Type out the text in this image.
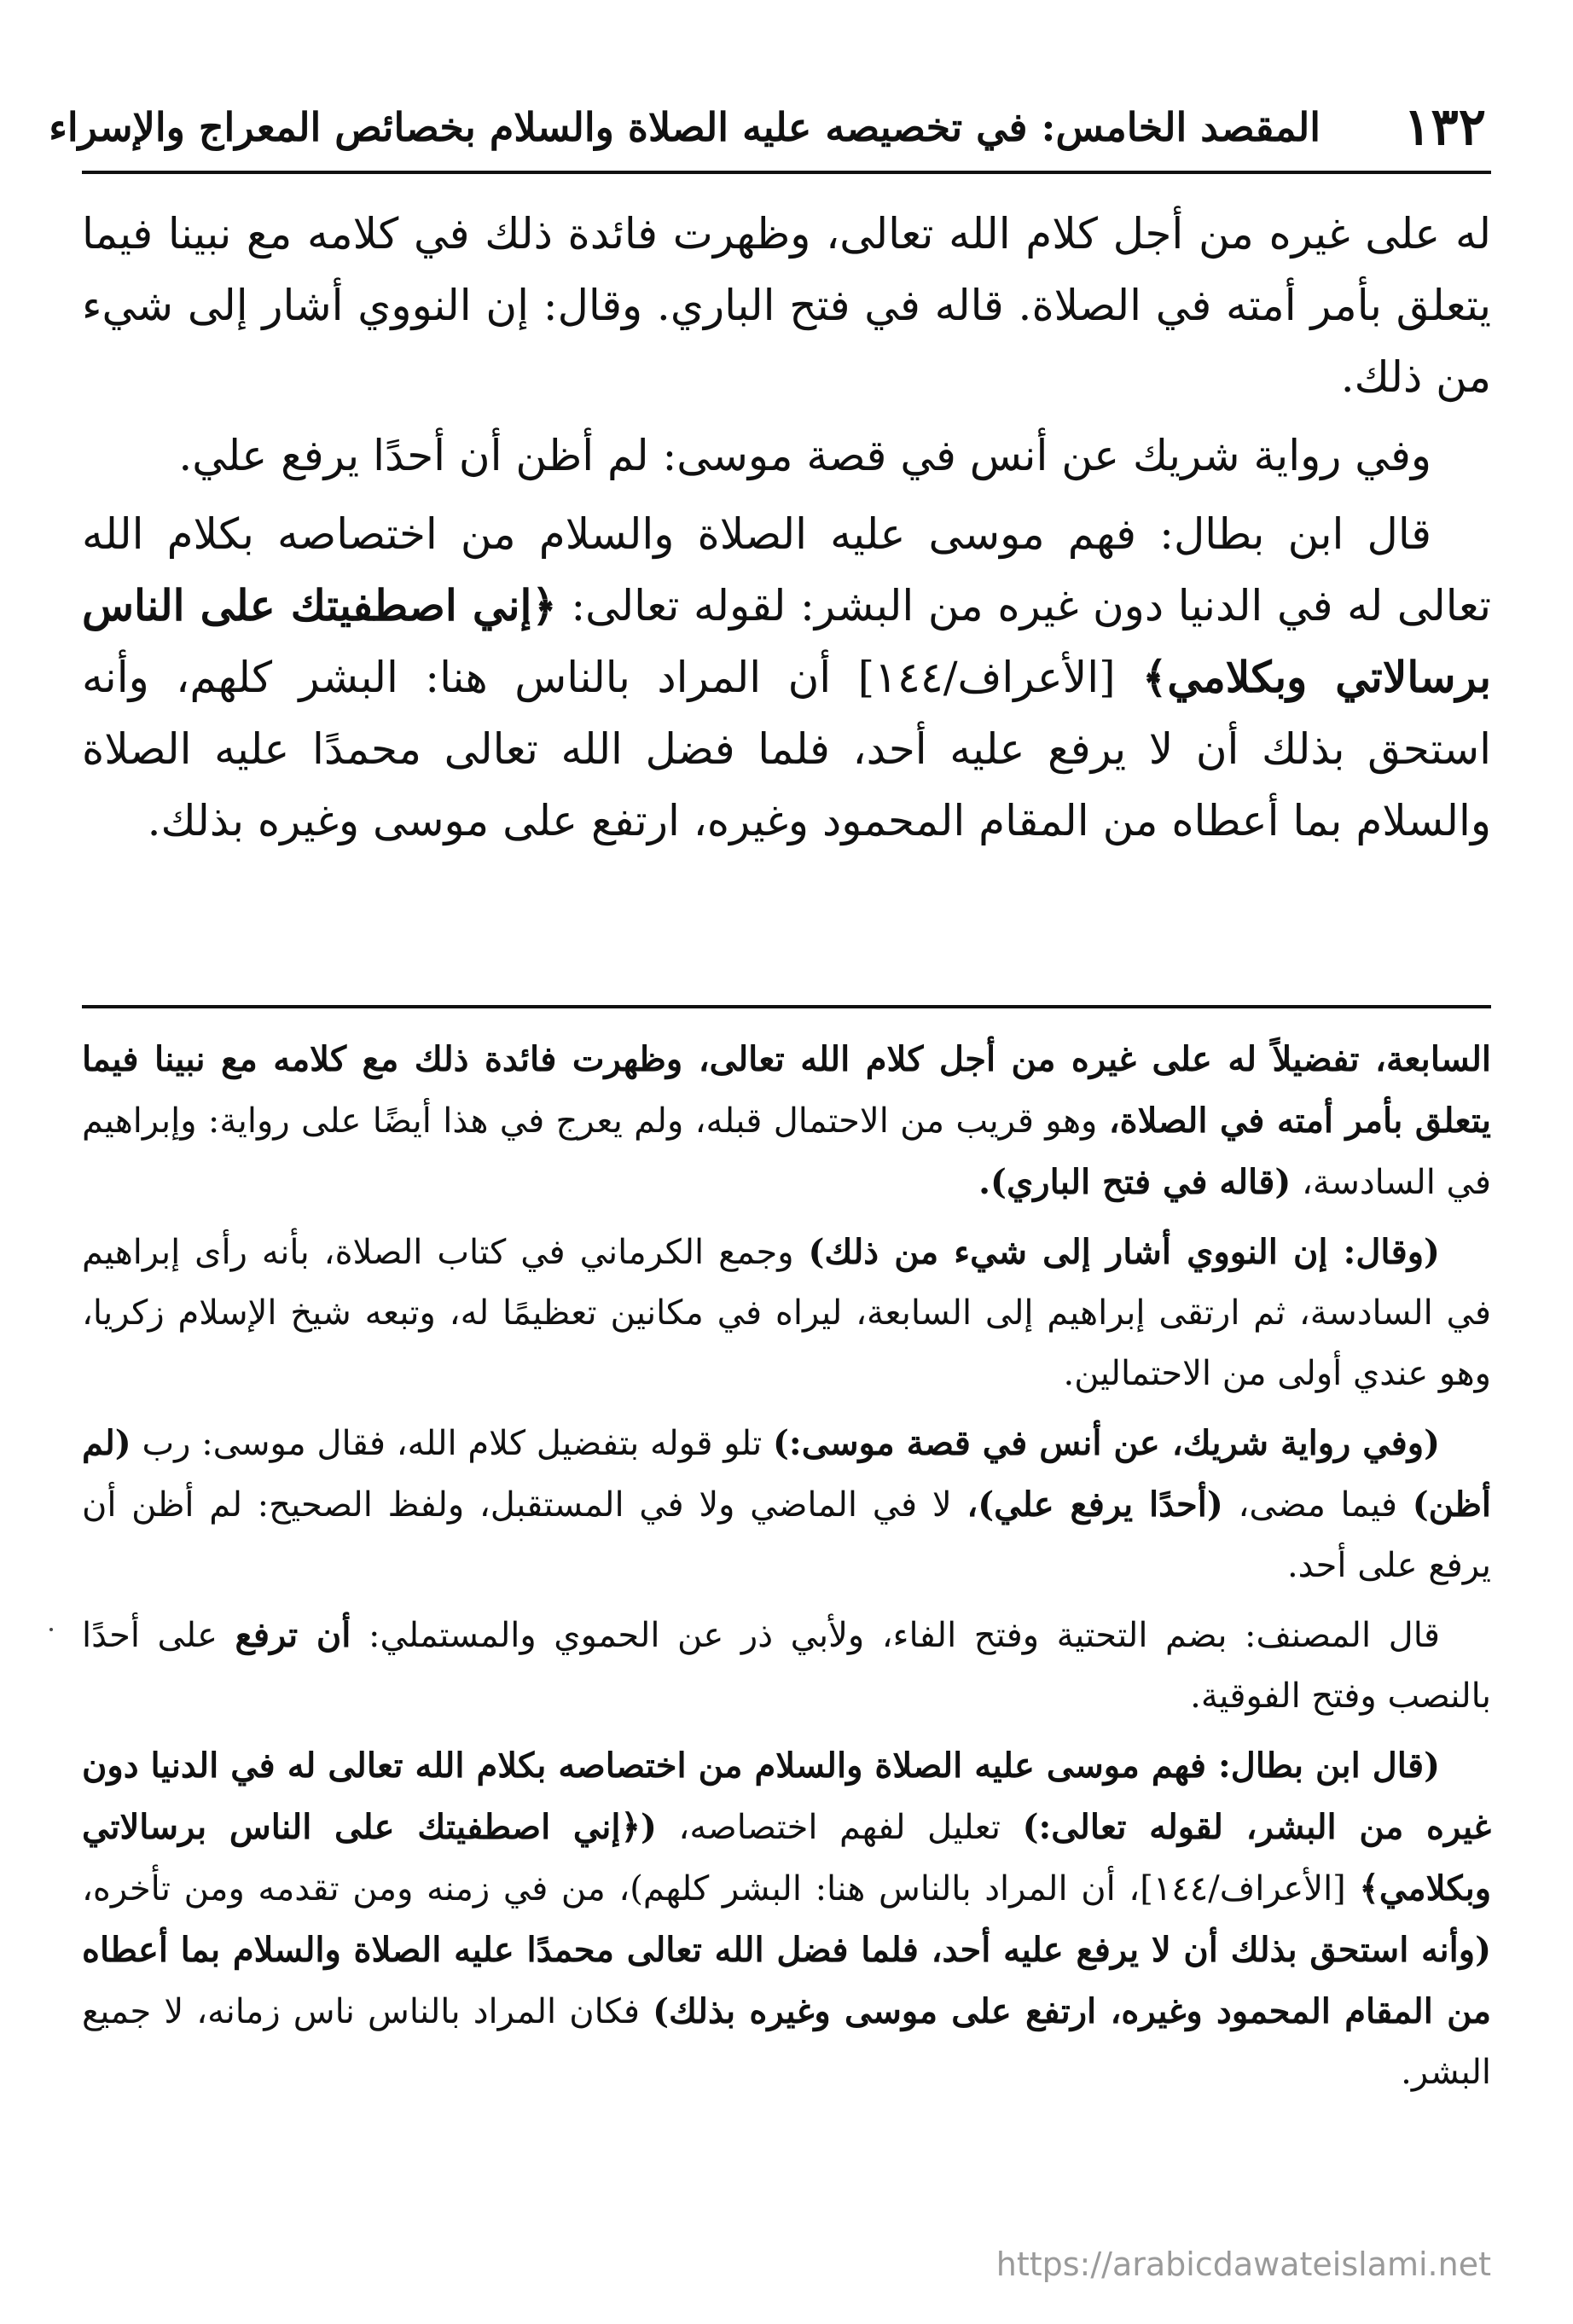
١٣٢
المقصد الخامس: في تخصيصه عليه الصلاة والسلام بخصائص المعراج والإسراء

له على غيره من أجل كلام الله تعالى، وظهرت فائدة ذلك في كلامه مع نبينا فيما يتعلق بأمر أمته في الصلاة. قاله في فتح الباري. وقال: إن النووي أشار إلى شيء من ذلك.

وفي رواية شريك عن أنس في قصة موسى: لم أظن أن أحدًا يرفع علي.

قال ابن بطال: فهم موسى عليه الصلاة والسلام من اختصاصه بكلام الله تعالى له في الدنيا دون غيره من البشر: لقوله تعالى: ﴿إني اصطفيتك على الناس برسالاتي وبكلامي﴾ [الأعراف/١٤٤] أن المراد بالناس هنا: البشر كلهم، وأنه استحق بذلك أن لا يرفع عليه أحد، فلما فضل الله تعالى محمدًا عليه الصلاة والسلام بما أعطاه من المقام المحمود وغيره، ارتفع على موسى وغيره بذلك.

السابعة، تفضيلاً له على غيره من أجل كلام الله تعالى، وظهرت فائدة ذلك مع كلامه مع نبينا فيما يتعلق بأمر أمته في الصلاة، وهو قريب من الاحتمال قبله، ولم يعرج في هذا أيضًا على رواية: وإبراهيم في السادسة، (قاله في فتح الباري).

(وقال: إن النووي أشار إلى شيء من ذلك) وجمع الكرماني في كتاب الصلاة، بأنه رأى إبراهيم في السادسة، ثم ارتقى إبراهيم إلى السابعة، ليراه في مكانين تعظيمًا له، وتبعه شيخ الإسلام زكريا، وهو عندي أولى من الاحتمالين.

(وفي رواية شريك، عن أنس في قصة موسى:) تلو قوله بتفضيل كلام الله، فقال موسى: رب (لم أظن) فيما مضى، (أحدًا يرفع علي)، لا في الماضي ولا في المستقبل، ولفظ الصحيح: لم أظن أن يرفع على أحد.

قال المصنف: بضم التحتية وفتح الفاء، ولأبي ذر عن الحموي والمستملي: أن ترفع على أحدًا بالنصب وفتح الفوقية.

(قال ابن بطال: فهم موسى عليه الصلاة والسلام من اختصاصه بكلام الله تعالى له في الدنيا دون غيره من البشر، لقوله تعالى:) تعليل لفهم اختصاصه، (﴿إني اصطفيتك على الناس برسالاتي وبكلامي﴾ [الأعراف/١٤٤]، أن المراد بالناس هنا: البشر كلهم)، من في زمنه ومن تقدمه ومن تأخره، (وأنه استحق بذلك أن لا يرفع عليه أحد، فلما فضل الله تعالى محمدًا عليه الصلاة والسلام بما أعطاه من المقام المحمود وغيره، ارتفع على موسى وغيره بذلك) فكان المراد بالناس ناس زمانه، لا جميع البشر.

https://arabicdawateislami.net
